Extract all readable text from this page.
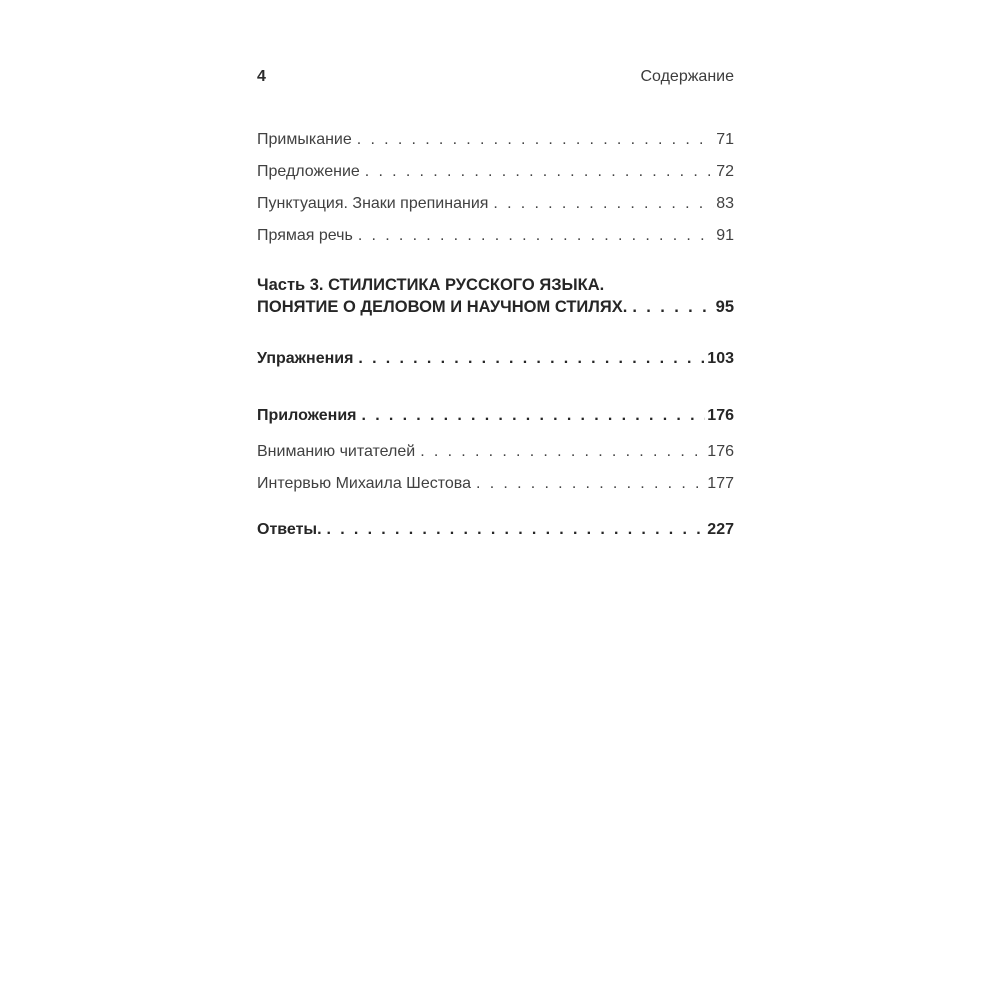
4	Содержание
Примыкание . . .	71
Предложение . . .	72
Пунктуация. Знаки препинания . . .	83
Прямая речь . . .	91
Часть 3. СТИЛИСТИКА РУССКОГО ЯЗЫКА.
ПОНЯТИЕ О ДЕЛОВОМ И НАУЧНОМ СТИЛЯХ. . . .	95
Упражнения . . .	103
Приложения . . .	176
Вниманию читателей . . .	176
Интервью Михаила Шестова . . .	177
Ответы. . . .	227
